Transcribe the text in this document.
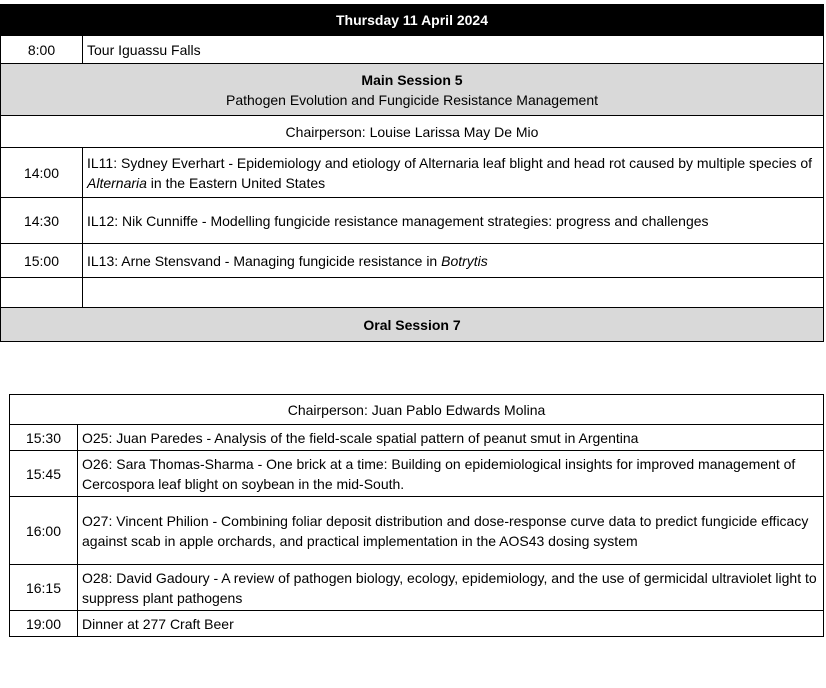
Thursday 11 April 2024	
8:00	Tour Iguassu Falls

Main Session 5
Pathogen Evolution and Fungicide Resistance Management	

Chairperson: Louise Larissa May De Mio	
14:00	IL11: Sydney Everhart - Epidemiology and etiology of Alternaria leaf blight and head rot caused by multiple species of Alternaria in the Eastern United States
14:30	IL12: Nik Cunniffe - Modelling fungicide resistance management strategies: progress and challenges
15:00	IL13: Arne Stensvand - Managing fungicide resistance in Botrytis

Oral Session 7	
Chairperson: Juan Pablo Edwards Molina	
15:30	O25: Juan Paredes - Analysis of the field-scale spatial pattern of peanut smut in Argentina
15:45	O26: Sara Thomas-Sharma - One brick at a time: Building on epidemiological insights for improved management of Cercospora leaf blight on soybean in the mid-South.
16:00	O27: Vincent Philion - Combining foliar deposit distribution and dose-response curve data to predict fungicide efficacy against scab in apple orchards, and practical implementation in the AOS43 dosing system
16:15	O28: David Gadoury - A review of pathogen biology, ecology, epidemiology, and the use of germicidal ultraviolet light to suppress plant pathogens
19:00	Dinner at 277 Craft Beer
